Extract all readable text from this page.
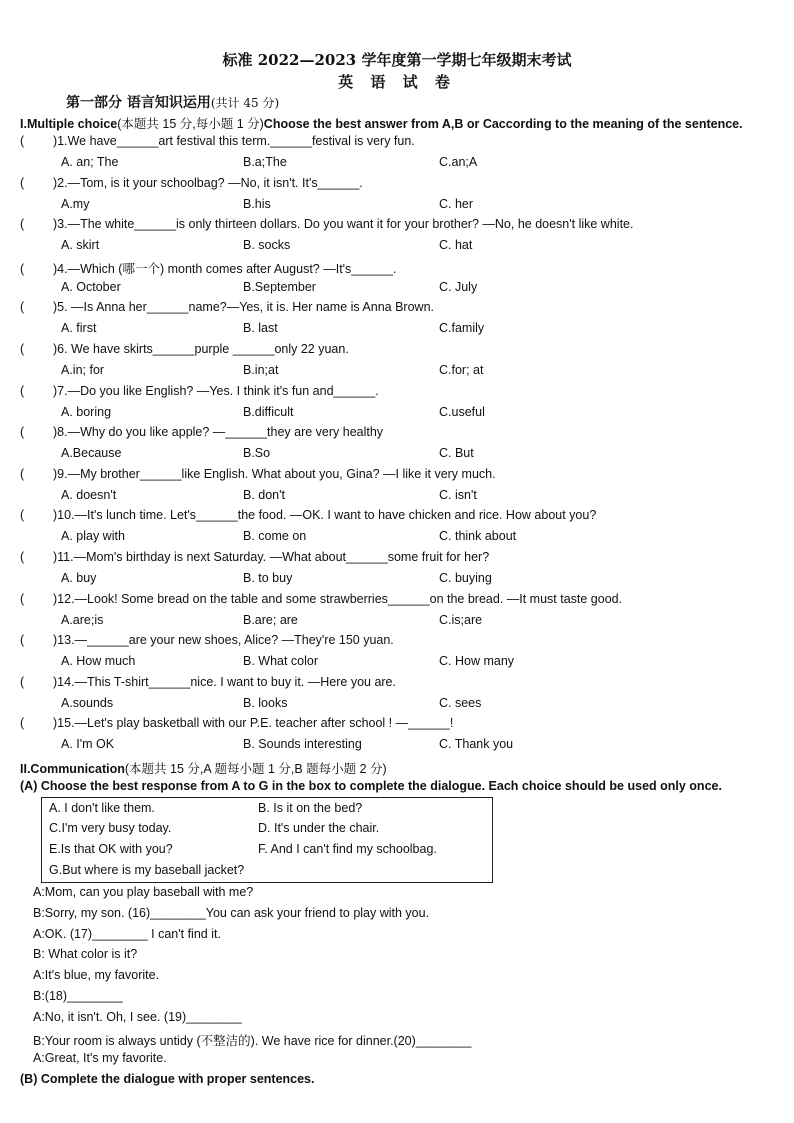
标准 2022—2023 学年度第一学期七年级期末考试
英 语 试 卷
第一部分 语言知识运用(共计 45 分)
I.Multiple choice(本题共 15 分,每小题 1 分)Choose the best answer from A,B or Caccording to the meaning of the sentence.
( )1.We have______art festival this term.______festival is very fun.
A. an; The	B.a;The	C.an;A
( )2.—Tom, is it your schoolbag? —No, it isn't. It's______.
A.my	B.his	C. her
( )3.—The white______is only thirteen dollars. Do you want it for your brother? —No, he doesn't like white.
A. skirt	B. socks	C. hat
( )4.—Which (哪一个) month comes after August? —It's______.
A. October	B.September	C. July
( )5. —Is Anna her______name?—Yes, it is. Her name is Anna Brown.
A. first	B. last	C.family
( )6. We have skirts______purple ______only 22 yuan.
A.in; for	B.in;at	C.for; at
( )7.—Do you like English? —Yes. I think it's fun and______.
A. boring	B.difficult	C.useful
( )8.—Why do you like apple? —______they are very healthy
A.Because	B.So	C. But
( )9.—My brother______like English. What about you, Gina? —I like it very much.
A. doesn't	B. don't	C. isn't
( )10.—It's lunch time. Let's______the food. —OK. I want to have chicken and rice. How about you?
A. play with	B. come on	C. think about
( )11.—Mom's birthday is next Saturday. —What about______some fruit for her?
A. buy	B. to buy	C. buying
( )12.—Look! Some bread on the table and some strawberries______on the bread. —It must taste good.
A.are;is	B.are; are	C.is;are
( )13.—______are your new shoes, Alice? —They're 150 yuan.
A. How much	B. What color	C. How many
( )14.—This T-shirt______nice. I want to buy it. —Here you are.
A.sounds	B. looks	C. sees
( )15.—Let's play basketball with our P.E. teacher after school ! —______!
A. I'm OK	B. Sounds interesting	C. Thank you
II.Communication(本题共 15 分,A 题每小题 1 分,B 题每小题 2 分)
(A) Choose the best response from A to G in the box to complete the dialogue. Each choice should be used only once.
A. I don't like them.	B. Is it on the bed?
C.I'm very busy today.	D. It's under the chair.
E.Is that OK with you?	F. And I can't find my schoolbag.
G.But where is my baseball jacket?
A:Mom, can you play baseball with me?
B:Sorry, my son. (16)________You can ask your friend to play with you.
A:OK. (17)________ I can't find it.
B: What color is it?
A:It's blue, my favorite.
B:(18)________
A:No, it isn't. Oh, I see. (19)________
B:Your room is always untidy (不整洁的). We have rice for dinner.(20)________
A:Great, It's my favorite.
(B) Complete the dialogue with proper sentences.
